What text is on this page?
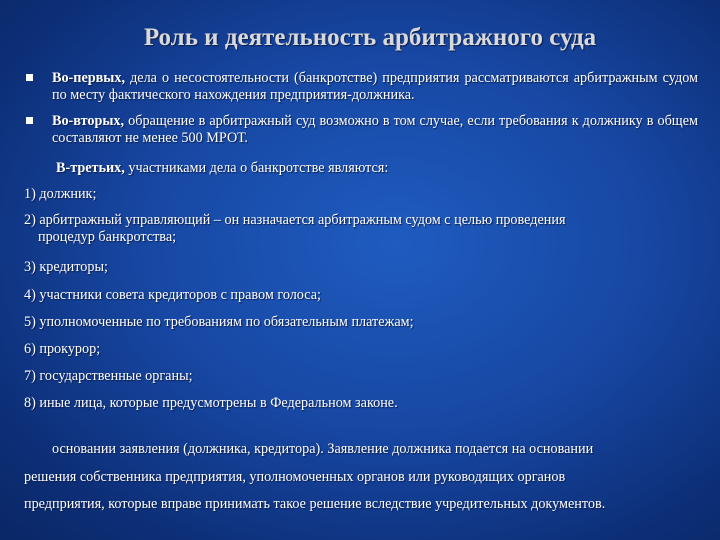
Роль и деятельность арбитражного суда
Во-первых, дела о несостоятельности (банкротстве) предприятия рассматриваются арбитражным судом по месту фактического нахождения предприятия-должника.
Во-вторых, обращение в арбитражный суд возможно в том случае, если требования к должнику в общем составляют не менее 500 МРОТ.
В-третьих, участниками дела о банкротстве являются:
1) должник;
2) арбитражный управляющий – он назначается арбитражным судом с целью проведения
процедур банкротства;
3) кредиторы;
4) участники совета кредиторов с правом голоса;
5) уполномоченные по требованиям по обязательным платежам;
6) прокурор;
7) государственные органы;
8) иные лица, которые предусмотрены в Федеральном законе.
основании заявления (должника, кредитора). Заявление должника подается на основании
решения собственника предприятия, уполномоченных органов или руководящих органов
предприятия, которые вправе принимать такое решение вследствие учредительных документов.
